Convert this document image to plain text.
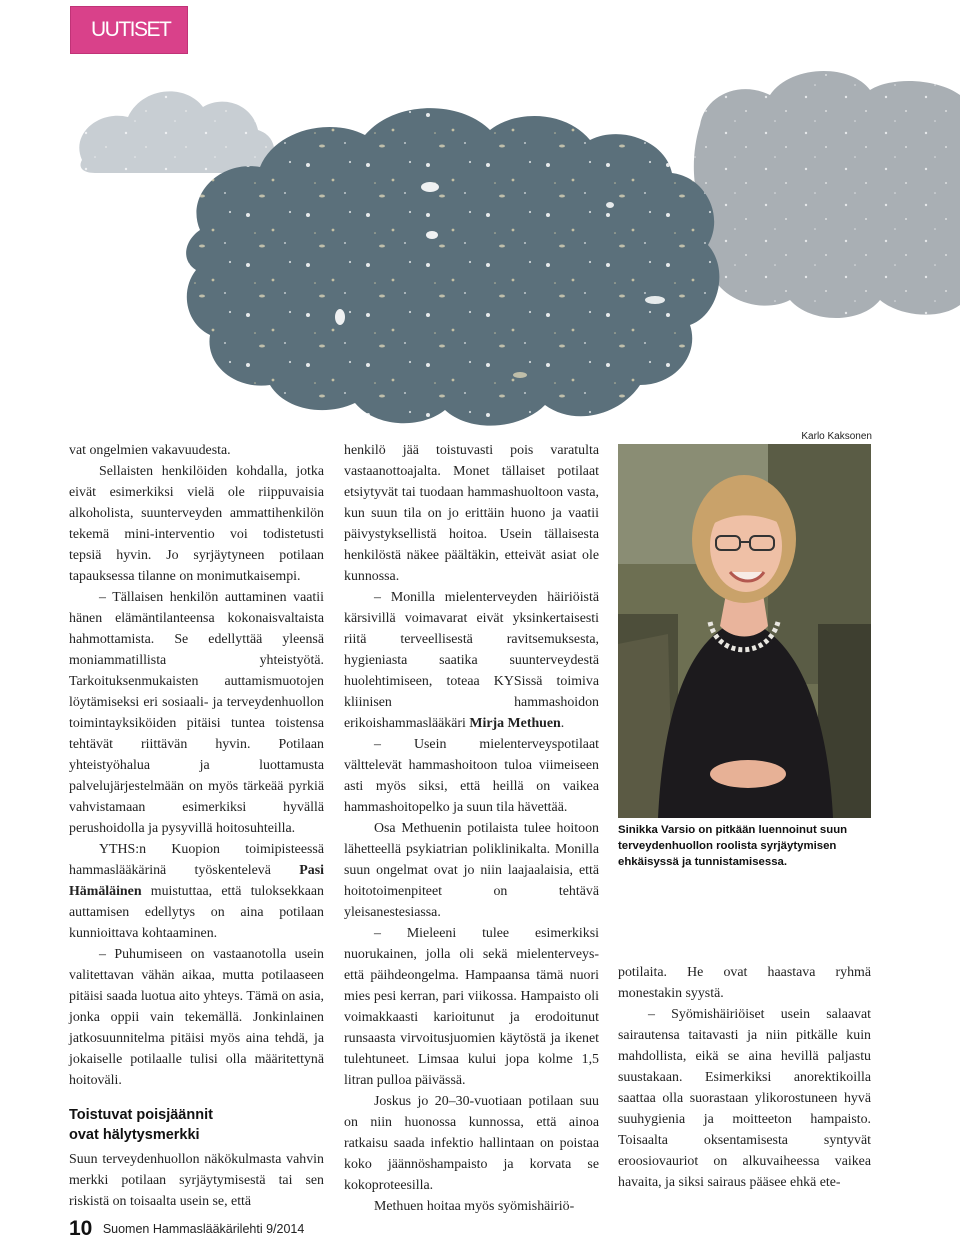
UUTISET
Karlo Kaksonen
Sinikka Varsio on pitkään luennoinut suun terveydenhuollon roolista syrjäytymisen ehkäisyssä ja tunnistamisessa.

vat ongelmien vakavuudesta.

Sellaisten henkilöiden kohdalla, jotka eivät esimerkiksi vielä ole riippuvaisia alkoholista, suunterveyden ammattihenkilön tekemä mini-interventio voi todistetusti tepsiä hyvin. Jo syrjäytyneen potilaan tapauksessa tilanne on monimutkaisempi.

– Tällaisen henkilön auttaminen vaatii hänen elämäntilanteensa kokonaisvaltaista hahmottamista. Se edellyttää yleensä moniammatillista yhteistyötä. Tarkoituksenmukaisten auttamismuotojen löytämiseksi eri sosiaali- ja terveydenhuollon toimintayksiköiden pitäisi tuntea toistensa tehtävät riittävän hyvin. Potilaan yhteistyöhalua ja luottamusta palvelujärjestelmään on myös tärkeää pyrkiä vahvistamaan esimerkiksi hyvällä perushoidolla ja pysyvillä hoitosuhteilla.

YTHS:n Kuopion toimipisteessä hammaslääkärinä työskentelevä Pasi Hämäläinen muistuttaa, että tuloksekkaan auttamisen edellytys on aina potilaan kunnioittava kohtaaminen.

– Puhumiseen on vastaanotolla usein valitettavan vähän aikaa, mutta potilaaseen pitäisi saada luotua aito yhteys. Tämä on asia, jonka oppii vain tekemällä. Jonkinlainen jatkosuunnitelma pitäisi myös aina tehdä, ja jokaiselle potilaalle tulisi olla määritettynä hoitoväli.

Toistuvat poisjäännit
ovat hälytysmerkki

Suun terveydenhuollon näkökulmasta vahvin merkki potilaan syrjäytymisestä tai sen riskistä on toisaalta usein se, että

henkilö jää toistuvasti pois varatulta vastaanottoajalta. Monet tällaiset potilaat etsiytyvät tai tuodaan hammashuoltoon vasta, kun suun tila on jo erittäin huono ja vaatii päivystyksellistä hoitoa. Usein tällaisesta henkilöstä näkee päältäkin, etteivät asiat ole kunnossa.

– Monilla mielenterveyden häiriöistä kärsivillä voimavarat eivät yksinkertaisesti riitä terveellisestä ravitsemuksesta, hygieniasta saatika suunterveydestä huolehtimiseen, toteaa KYSissä toimiva kliinisen hammashoidon erikoishammaslääkäri Mirja Methuen.

– Usein mielenterveyspotilaat välttelevät hammashoitoon tuloa viimeiseen asti myös siksi, että heillä on vaikea hammashoitopelko ja suun tila hävettää.

Osa Methuenin potilaista tulee hoitoon lähetteellä psykiatrian poliklinikalta. Monilla suun ongelmat ovat jo niin laajaalaisia, että hoitotoimenpiteet on tehtävä yleisanestesiassa.

– Mieleeni tulee esimerkiksi nuorukainen, jolla oli sekä mielenterveys- että päihdeongelma. Hampaansa tämä nuori mies pesi kerran, pari viikossa. Hampaisto oli voimakkaasti karioitunut ja erodoitunut runsaasta virvoitusjuomien käytöstä ja ikenet tulehtuneet. Limsaa kului jopa kolme 1,5 litran pulloa päivässä.

Joskus jo 20–30-vuotiaan potilaan suu on niin huonossa kunnossa, että ainoa ratkaisu saada infektio hallintaan on poistaa koko jäännöshampaisto ja korvata se kokoproteesilla.

Methuen hoitaa myös syömishäiriö-

potilaita. He ovat haastava ryhmä monestakin syystä.

– Syömishäiriöiset usein salaavat sairautensa taitavasti ja niin pitkälle kuin mahdollista, eikä se aina hevillä paljastu suustakaan. Esimerkiksi anorektikoilla saattaa olla suorastaan ylikorostuneen hyvä suuhygienia ja moitteeton hampaisto. Toisaalta oksentamisesta syntyvät eroosiovauriot on alkuvaiheessa vaikea havaita, ja siksi sairaus pääsee ehkä ete-

10 Suomen Hammaslääkärilehti 9/2014
